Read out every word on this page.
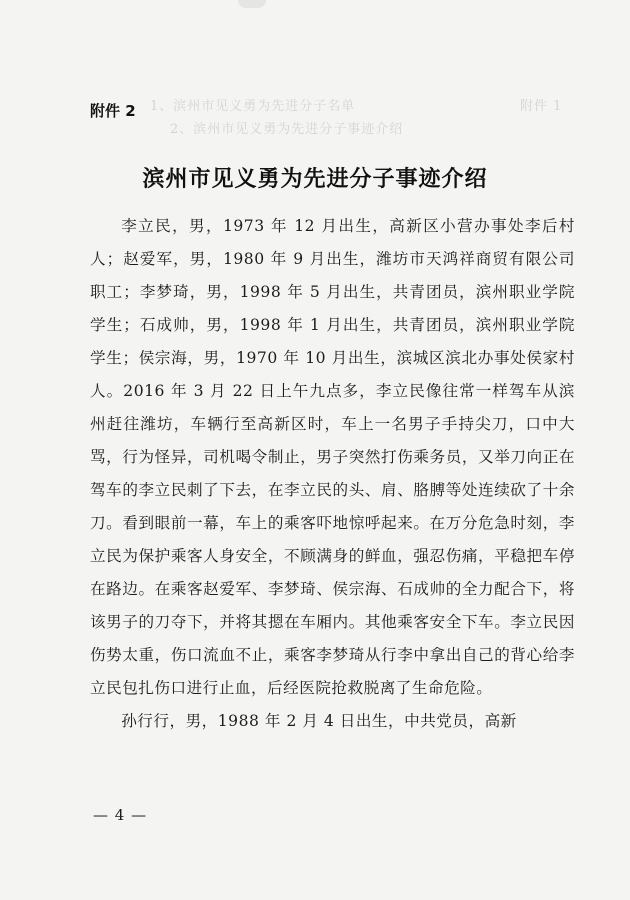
附件 1
1、滨州市见义勇为先进分子名单
2、滨州市见义勇为先进分子事迹介绍
附件 2
滨州市见义勇为先进分子事迹介绍

李立民，男，1973 年 12 月出生，高新区小营办事处李后村人；赵爱军，男，1980 年 9 月出生，潍坊市天鸿祥商贸有限公司职工；李梦琦，男，1998 年 5 月出生，共青团员，滨州职业学院学生；石成帅，男，1998 年 1 月出生，共青团员，滨州职业学院学生；侯宗海，男，1970 年 10 月出生，滨城区滨北办事处侯家村人。2016 年 3 月 22 日上午九点多，李立民像往常一样驾车从滨州赶往潍坊，车辆行至高新区时，车上一名男子手持尖刀，口中大骂，行为怪异，司机喝令制止，男子突然打伤乘务员，又举刀向正在驾车的李立民刺了下去，在李立民的头、肩、胳膊等处连续砍了十余刀。看到眼前一幕，车上的乘客吓地惊呼起来。在万分危急时刻，李立民为保护乘客人身安全，不顾满身的鲜血，强忍伤痛，平稳把车停在路边。在乘客赵爱军、李梦琦、侯宗海、石成帅的全力配合下，将该男子的刀夺下，并将其摁在车厢内。其他乘客安全下车。李立民因伤势太重，伤口流血不止，乘客李梦琦从行李中拿出自己的背心给李立民包扎伤口进行止血，后经医院抢救脱离了生命危险。

孙行行，男，1988 年 2 月 4 日出生，中共党员，高新

— 4 —
